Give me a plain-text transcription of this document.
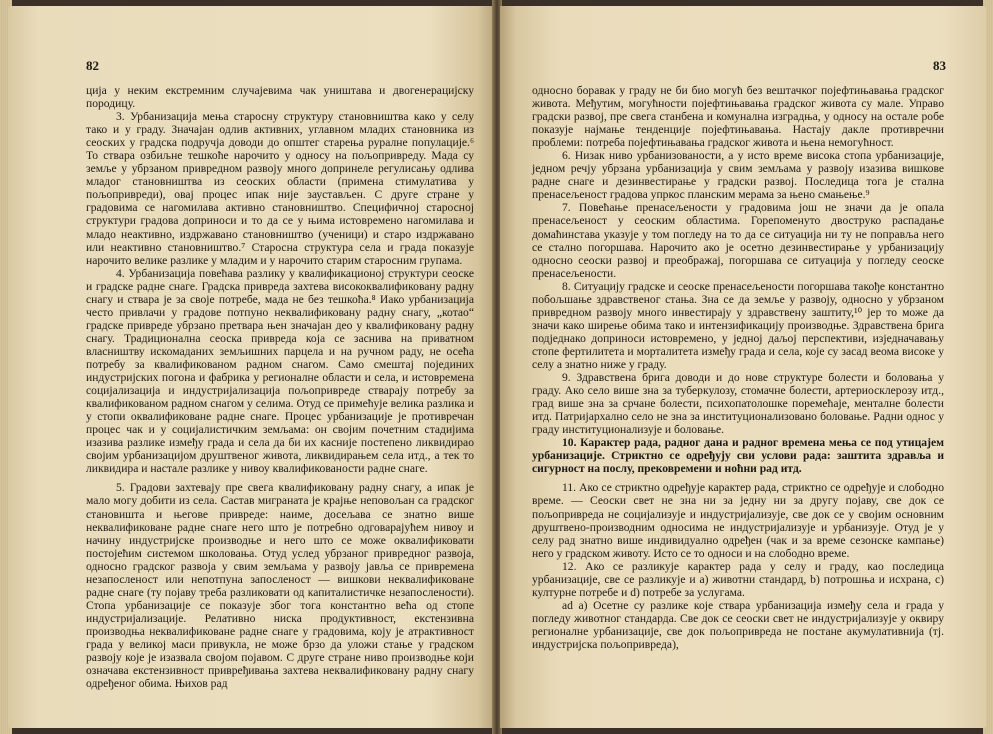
82

ција у неким екстремним случајевима чак уништава и двогенерацијску породицу.

3. Урбанизација мења старосну структуру становништва како у селу тако и у граду. Значајан одлив активних, углавном младих становника из сеоских у градска подручја доводи до општег старења руралне популације.⁶ То ствара озбиљне тешкоће нарочито у односу на пољопривреду. Мада су земље у убрзаном привредном развоју много допринеле регулисању одлива младог становништва из сеоских области (примена стимулатива у пољопривреди), овај процес ипак није заустављен. С друге стране у градовима се нагомилава активно становништво. Специфичној старосној структури градова доприноси и то да се у њима истовремено нагомилава и младо неактивно, издржавано становништво (ученици) и старо издржавано или неактивно становништво.⁷ Старосна структура села и града показује нарочито велике разлике у младим и у нарочито старим старосним групама.

4. Урбанизација повећава разлику у квалификационој структури сеоске и градске радне снаге. Градска привреда захтева висококвалификовану радну снагу и ствара је за своје потребе, мада не без тешкоћа.⁸ Иако урбанизација често привлачи у градове потпуно неквалификовану радну снагу, „котао“ градске привреде убрзано претвара њен значајан део у квалификовану радну снагу. Традиционална сеоска привреда која се заснива на приватном власништву искомаданих земљишних парцела и на ручном раду, не осећа потребу за квалификованом радном снагом. Само смештај појединих индустријских погона и фабрика у регионалне области и села, и истовремена социјализација и индустријализација пољопривреде стварају потребу за квалификованом радном снагом у селима. Отуд се примећује велика разлика и у стопи оквалификоване радне снаге. Процес урбанизације је противречан процес чак и у социјалистичким земљама: он својим почетним стадијима изазива разлике између града и села да би их касније постепено ликвидирао својим урбанизацијом друштвеног живота, ликвидирањем села итд., а тек то ликвидира и настале разлике у нивоу квалификованости радне снаге.

5. Градови захтевају пре свега квалификовану радну снагу, а ипак је мало могу добити из села. Састав миграната је крајње неповољан са градског становишта и његове привреде: наиме, досељава се знатно више неквалификоване радне снаге него што је потребно одговарајућем нивоу и начину индустријске производње и него што се може оквалификовати постојећим системом школовања. Отуд услед убрзаног привредног развоја, односно градског развоја у свим земљама у развоју јавља се привремена незапосленост или непотпуна запосленост — вишкови неквалификоване радне снаге (ту појаву треба разликовати од капиталистичке незапослености). Стопа урбанизације се показује због тога константно већа од стопе индустријализације. Релативно ниска продуктивност, екстензивна производња неквалификоване радне снаге у градовима, коју је атрактивност града у великој маси привукла, не може брзо да уложи стање у градском развоју које је изазвала својом појавом. С друге стране ниво производње који означава екстензивност привређивања захтева неквалификовану радну снагу одређеног обима. Њихов рад

83

односно боравак у граду не би био могућ без вештачког појефтињавања градског живота. Међутим, могућности појефтињавања градског живота су мале. Управо градски развој, пре свега станбена и комунална изградња, у односу на остале робе показује најмање тенденције појефтињавања. Настају дакле противречни проблеми: потреба појефтињавања градског живота и њена немогућност.

6. Низак ниво урбанизованости, а у исто време висока стопа урбанизације, једном речју убрзана урбанизација у свим земљама у развоју изазива вишкове радне снаге и дезинвестирање у градски развој. Последица тога је стална пренасељеност градова упркос планским мерама за њено смањење.⁹

7. Повећање пренасељености у градовима још не значи да је опала пренасељеност у сеоским областима. Горепоменуто двоструко распадање домаћинстава указује у том погледу на то да се ситуација ни ту не поправља него се стално погоршава. Нарочито ако је осетно дезинвестирање у урбанизацију односно сеоски развој и преображај, погоршава се ситуација у погледу сеоске пренасељености.

8. Ситуацију градске и сеоске пренасељености погоршава такође константно побољшање здравственог стања. Зна се да земље у развоју, односно у убрзаном привредном развоју много инвестирају у здравствену заштиту,¹⁰ јер то може да значи како ширење обима тако и интензификацију производње. Здравствена брига подједнако доприноси истовремено, у једној даљој перспективи, изједначавању стопе фертилитета и морталитета између града и села, које су засад веома високе у селу а знатно ниже у граду.

9. Здравствена брига доводи и до нове структуре болести и боловања у граду. Ако село више зна за туберкулозу, стомачне болести, артериосклерозу итд., град више зна за срчане болести, психопатолошке поремећаје, менталне болести итд. Патријархално село не зна за институционализовано боловање. Радни однос у граду институционализује и боловање.

10. Карактер рада, радног дана и радног времена мења се под утицајем урбанизације. Стриктно се одређују сви услови рада: заштита здравља и сигурност на послу, прековремени и ноћни рад итд.

11. Ако се стриктно одређује карактер рада, стриктно се одређује и слободно време. — Сеоски свет не зна ни за једну ни за другу појаву, све док се пољопривреда не социјализује и индустријализује, све док се у својим основним друштвено-производним односима не индустријализује и урбанизује. Отуд је у селу рад знатно више индивидуално одређен (чак и за време сезонске кампање) него у градском животу. Исто се то односи и на слободно време.

12. Ако се разликује карактер рада у селу и граду, као последица урбанизације, све се разликује и a) животни стандард, b) потрошња и исхрана, c) културне потребе и d) потребе за услугама.

ad a) Осетне су разлике које ствара урбанизација између села и града у погледу животног стандарда. Све док се сеоски свет не индустријализује у оквиру регионалне урбанизације, све док пољопривреда не постане акумулативнија (тј. индустријска пољопривреда),
